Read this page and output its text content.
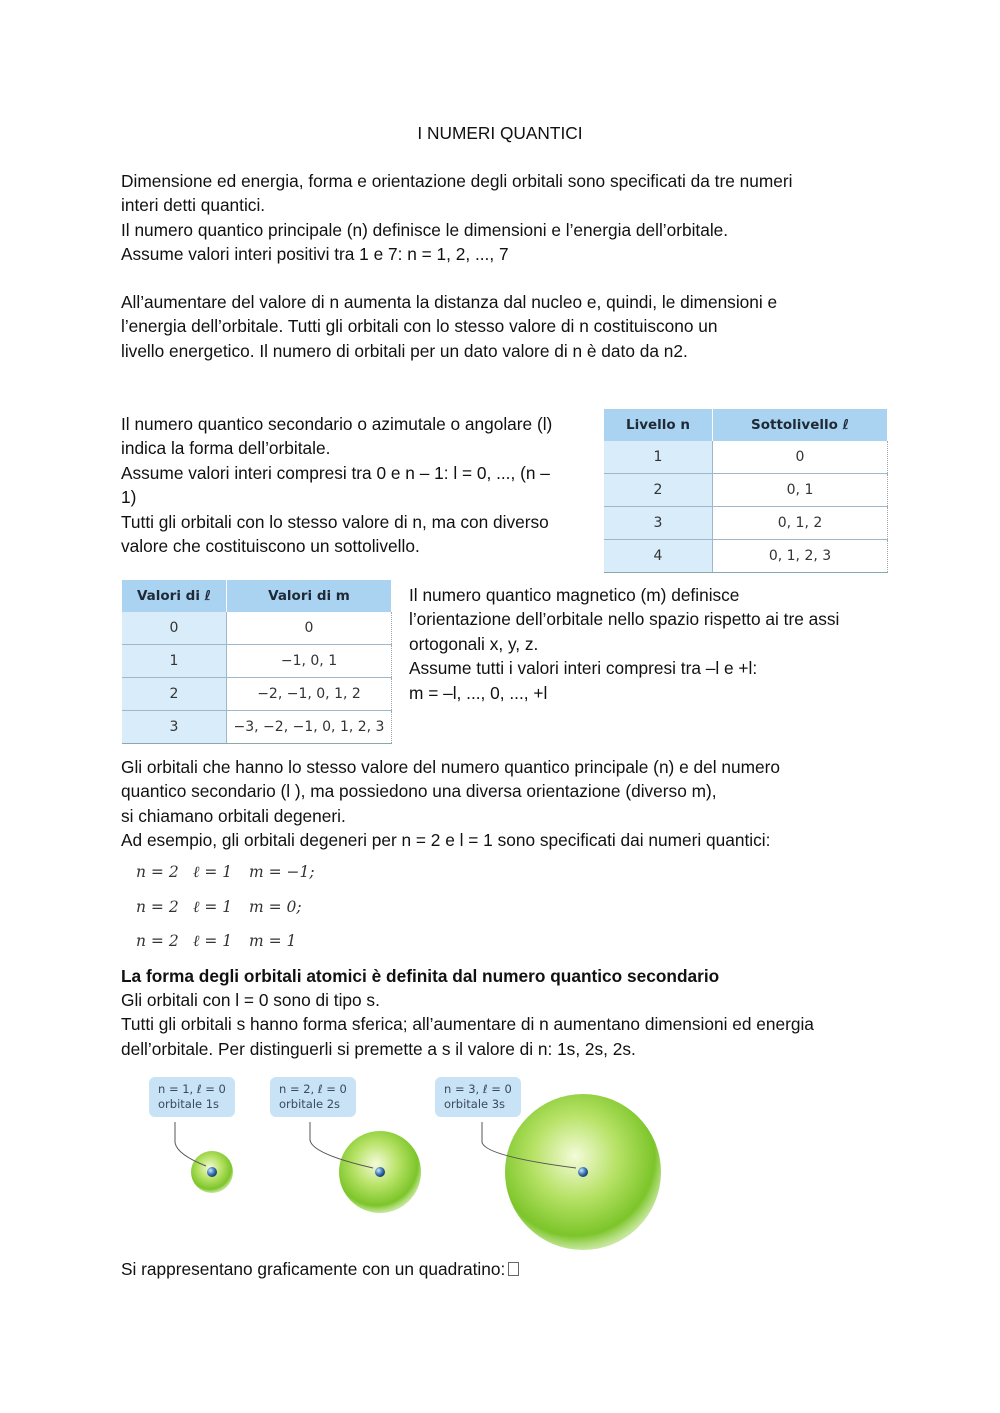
I NUMERI QUANTICI
Dimensione ed energia, forma e orientazione degli orbitali sono specificati da tre numeri
interi detti quantici.
Il numero quantico principale (n) definisce le dimensioni e l’energia dell’orbitale.
Assume valori interi positivi tra 1 e 7: n = 1, 2, ..., 7
All’aumentare del valore di n aumenta la distanza dal nucleo e, quindi, le dimensioni e
l’energia dell’orbitale. Tutti gli orbitali con lo stesso valore di n costituiscono un
livello energetico. Il numero di orbitali per un dato valore di n è dato da n2.
Il numero quantico secondario o azimutale o angolare (l)
indica la forma dell’orbitale.
Assume valori interi compresi tra 0 e n – 1: l = 0, ..., (n –
1)
Tutti gli orbitali con lo stesso valore di n, ma con diverso
valore che costituiscono un sottolivello.
Livello n	Sottolivello ℓ
1	0
2	0, 1
3	0, 1, 2
4	0, 1, 2, 3
Valori di ℓ	Valori di m
0	0
1	−1, 0, 1
2	−2, −1, 0, 1, 2
3	−3, −2, −1, 0, 1, 2, 3
Il numero quantico magnetico (m) definisce
l’orientazione dell’orbitale nello spazio rispetto ai tre assi
ortogonali x, y, z.
Assume tutti i valori interi compresi tra –l e +l:
m = –l, ..., 0, ..., +l
Gli orbitali che hanno lo stesso valore del numero quantico principale (n) e del numero
quantico secondario (l ), ma possiedono una diversa orientazione (diverso m),
si chiamano orbitali degeneri.
Ad esempio, gli orbitali degeneri per n = 2 e l = 1 sono specificati dai numeri quantici:
n = 2 ℓ = 1 m = −1;
n = 2 ℓ = 1 m = 0;
n = 2 ℓ = 1 m = 1
La forma degli orbitali atomici è definita dal numero quantico secondario
Gli orbitali con l = 0 sono di tipo s.
Tutti gli orbitali s hanno forma sferica; all’aumentare di n aumentano dimensioni ed energia
dell’orbitale. Per distinguerli si premette a s il valore di n: 1s, 2s, 2s.
n = 1, ℓ = 0
orbitale 1s
n = 2, ℓ = 0
orbitale 2s
n = 3, ℓ = 0
orbitale 3s
Si rappresentano graficamente con un quadratino:
